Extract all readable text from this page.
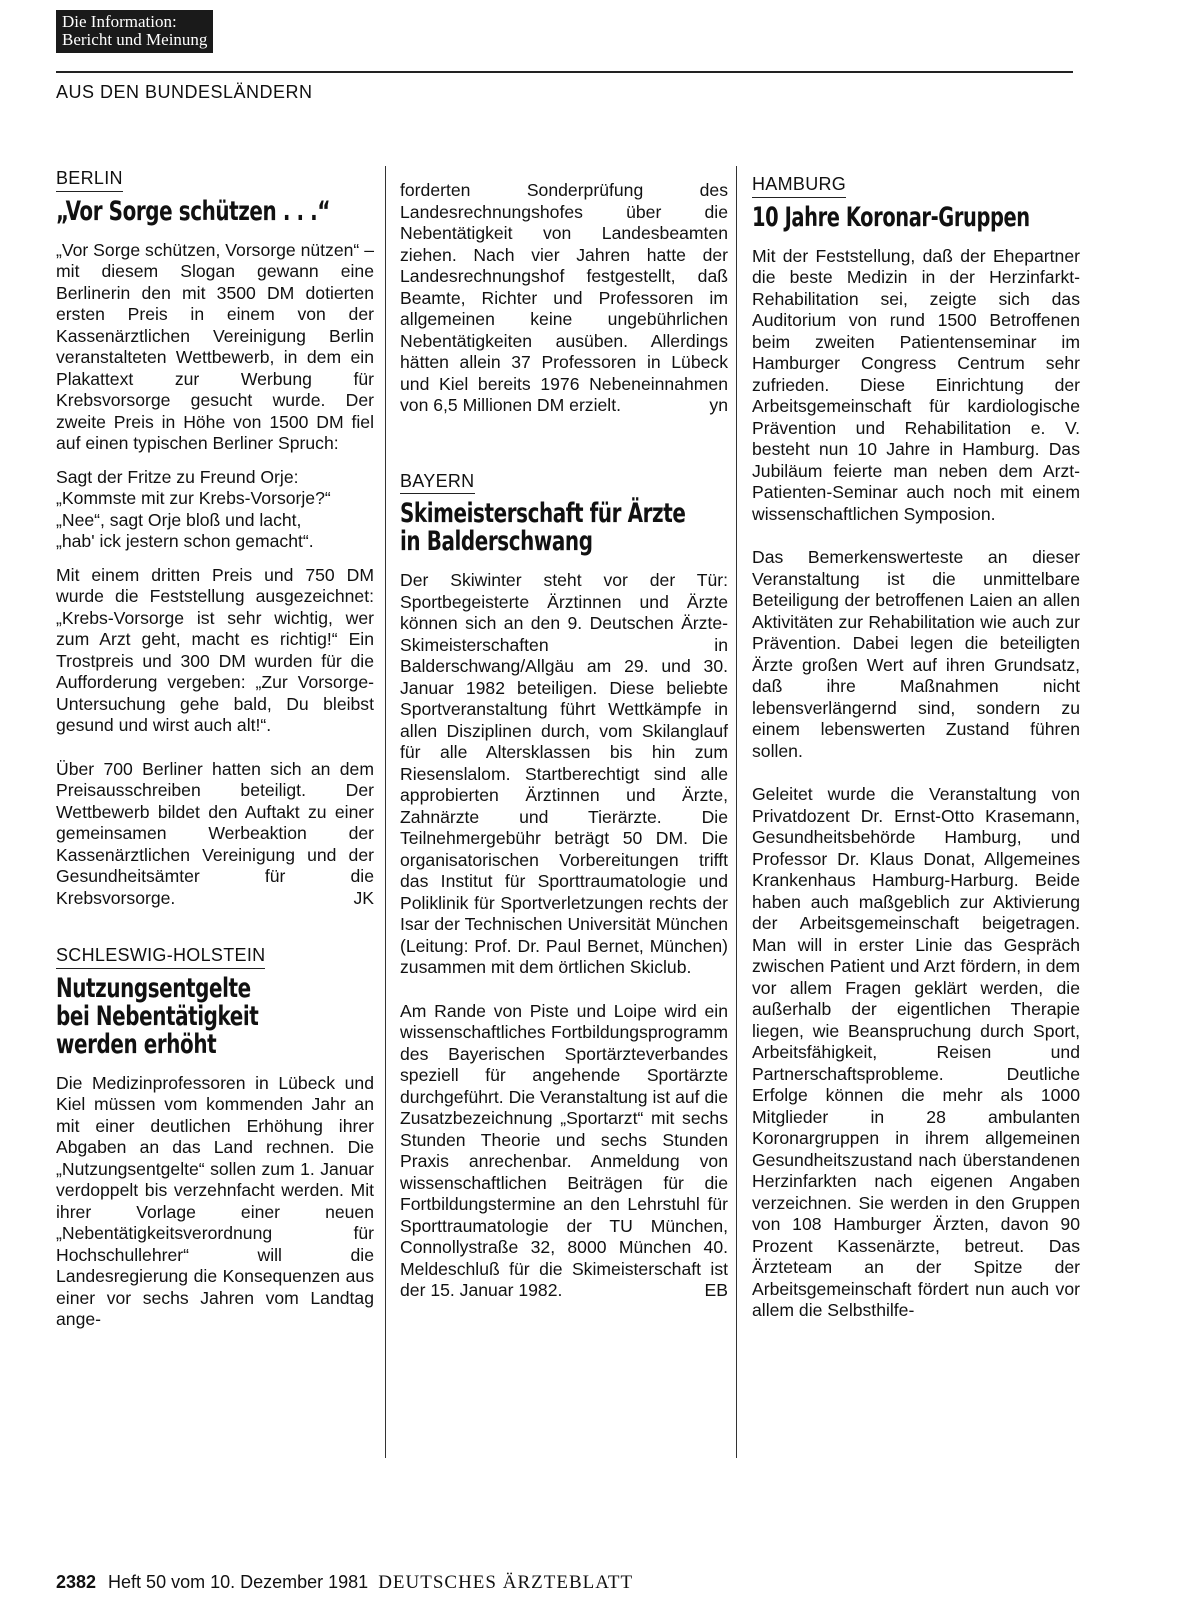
Die Information:
Bericht und Meinung
AUS DEN BUNDESLÄNDERN
BERLIN
„Vor Sorge schützen . . .“

„Vor Sorge schützen, Vorsorge nützen“ – mit diesem Slogan gewann eine Berlinerin den mit 3500 DM dotierten ersten Preis in einem von der Kassenärztlichen Vereinigung Berlin veranstalteten Wettbewerb, in dem ein Plakattext zur Werbung für Krebsvorsorge gesucht wurde. Der zweite Preis in Höhe von 1500 DM fiel auf einen typischen Berliner Spruch:

Sagt der Fritze zu Freund Orje:
„Kommste mit zur Krebs-Vorsorje?“
„Nee“, sagt Orje bloß und lacht,
„hab' ick jestern schon gemacht“.

Mit einem dritten Preis und 750 DM wurde die Feststellung ausgezeichnet: „Krebs-Vorsorge ist sehr wichtig, wer zum Arzt geht, macht es richtig!“ Ein Trostpreis und 300 DM wurden für die Aufforderung vergeben: „Zur Vorsorge-Untersuchung gehe bald, Du bleibst gesund und wirst auch alt!“.

Über 700 Berliner hatten sich an dem Preisausschreiben beteiligt. Der Wettbewerb bildet den Auftakt zu einer gemeinsamen Werbeaktion der Kassenärztlichen Vereinigung und der Gesundheitsämter für die Krebsvorsorge.	JK

SCHLESWIG-HOLSTEIN
Nutzungsentgelte
bei Nebentätigkeit
werden erhöht

Die Medizinprofessoren in Lübeck und Kiel müssen vom kommenden Jahr an mit einer deutlichen Erhöhung ihrer Abgaben an das Land rechnen. Die „Nutzungsentgelte“ sollen zum 1. Januar verdoppelt bis verzehnfacht werden. Mit ihrer Vorlage einer neuen „Nebentätigkeitsverordnung für Hochschullehrer“ will die Landesregierung die Konsequenzen aus einer vor sechs Jahren vom Landtag ange-

forderten Sonderprüfung des Landesrechnungshofes über die Nebentätigkeit von Landesbeamten ziehen. Nach vier Jahren hatte der Landesrechnungshof festgestellt, daß Beamte, Richter und Professoren im allgemeinen keine ungebührlichen Nebentätigkeiten ausüben. Allerdings hätten allein 37 Professoren in Lübeck und Kiel bereits 1976 Nebeneinnahmen von 6,5 Millionen DM erzielt.	yn

BAYERN
Skimeisterschaft für Ärzte
in Balderschwang

Der Skiwinter steht vor der Tür: Sportbegeisterte Ärztinnen und Ärzte können sich an den 9. Deutschen Ärzte-Skimeisterschaften in Balderschwang/Allgäu am 29. und 30. Januar 1982 beteiligen. Diese beliebte Sportveranstaltung führt Wettkämpfe in allen Disziplinen durch, vom Skilanglauf für alle Altersklassen bis hin zum Riesenslalom. Startberechtigt sind alle approbierten Ärztinnen und Ärzte, Zahnärzte und Tierärzte. Die Teilnehmergebühr beträgt 50 DM. Die organisatorischen Vorbereitungen trifft das Institut für Sporttraumatologie und Poliklinik für Sportverletzungen rechts der Isar der Technischen Universität München (Leitung: Prof. Dr. Paul Bernet, München) zusammen mit dem örtlichen Skiclub.

Am Rande von Piste und Loipe wird ein wissenschaftliches Fortbildungsprogramm des Bayerischen Sportärzteverbandes speziell für angehende Sportärzte durchgeführt. Die Veranstaltung ist auf die Zusatzbezeichnung „Sportarzt“ mit sechs Stunden Theorie und sechs Stunden Praxis anrechenbar. Anmeldung von wissenschaftlichen Beiträgen für die Fortbildungstermine an den Lehrstuhl für Sporttraumatologie der TU München, Connollystraße 32, 8000 München 40. Meldeschluß für die Skimeisterschaft ist der 15. Januar 1982.	EB

HAMBURG
10 Jahre Koronar-Gruppen

Mit der Feststellung, daß der Ehepartner die beste Medizin in der Herzinfarkt-Rehabilitation sei, zeigte sich das Auditorium von rund 1500 Betroffenen beim zweiten Patientenseminar im Hamburger Congress Centrum sehr zufrieden. Diese Einrichtung der Arbeitsgemeinschaft für kardiologische Prävention und Rehabilitation e. V. besteht nun 10 Jahre in Hamburg. Das Jubiläum feierte man neben dem Arzt-Patienten-Seminar auch noch mit einem wissenschaftlichen Symposion.

Das Bemerkenswerteste an dieser Veranstaltung ist die unmittelbare Beteiligung der betroffenen Laien an allen Aktivitäten zur Rehabilitation wie auch zur Prävention. Dabei legen die beteiligten Ärzte großen Wert auf ihren Grundsatz, daß ihre Maßnahmen nicht lebensverlängernd sind, sondern zu einem lebenswerten Zustand führen sollen.

Geleitet wurde die Veranstaltung von Privatdozent Dr. Ernst-Otto Krasemann, Gesundheitsbehörde Hamburg, und Professor Dr. Klaus Donat, Allgemeines Krankenhaus Hamburg-Harburg. Beide haben auch maßgeblich zur Aktivierung der Arbeitsgemeinschaft beigetragen. Man will in erster Linie das Gespräch zwischen Patient und Arzt fördern, in dem vor allem Fragen geklärt werden, die außerhalb der eigentlichen Therapie liegen, wie Beanspruchung durch Sport, Arbeitsfähigkeit, Reisen und Partnerschaftsprobleme. Deutliche Erfolge können die mehr als 1000 Mitglieder in 28 ambulanten Koronargruppen in ihrem allgemeinen Gesundheitszustand nach überstandenen Herzinfarkten nach eigenen Angaben verzeichnen. Sie werden in den Gruppen von 108 Hamburger Ärzten, davon 90 Prozent Kassenärzte, betreut. Das Ärzteteam an der Spitze der Arbeitsgemeinschaft fördert nun auch vor allem die Selbsthilfe-

2382 Heft 50 vom 10. Dezember 1981 DEUTSCHES ÄRZTEBLATT
